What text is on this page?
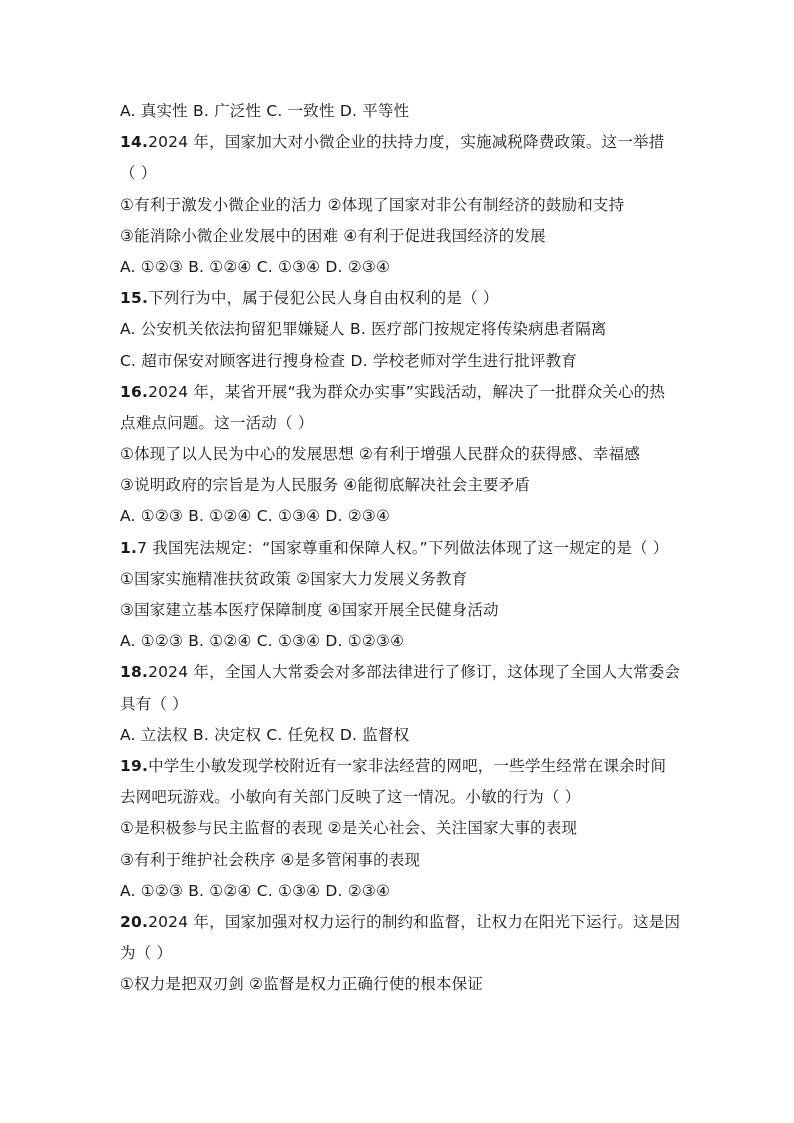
A. 真实性 B. 广泛性 C. 一致性 D. 平等性
14.2024 年，国家加大对小微企业的扶持力度，实施减税降费政策。这一举措
（ ）
①有利于激发小微企业的活力 ②体现了国家对非公有制经济的鼓励和支持
③能消除小微企业发展中的困难 ④有利于促进我国经济的发展
A. ①②③ B. ①②④ C. ①③④ D. ②③④
15.下列行为中，属于侵犯公民人身自由权利的是（ ）
A. 公安机关依法拘留犯罪嫌疑人 B. 医疗部门按规定将传染病患者隔离
C. 超市保安对顾客进行搜身检查 D. 学校老师对学生进行批评教育
16.2024 年，某省开展“我为群众办实事”实践活动，解决了一批群众关心的热
点难点问题。这一活动（ ）
①体现了以人民为中心的发展思想 ②有利于增强人民群众的获得感、幸福感
③说明政府的宗旨是为人民服务 ④能彻底解决社会主要矛盾
A. ①②③ B. ①②④ C. ①③④ D. ②③④
1.7 我国宪法规定：“国家尊重和保障人权。”下列做法体现了这一规定的是（ ）
①国家实施精准扶贫政策 ②国家大力发展义务教育
③国家建立基本医疗保障制度 ④国家开展全民健身活动
A. ①②③ B. ①②④ C. ①③④ D. ①②③④
18.2024 年，全国人大常委会对多部法律进行了修订，这体现了全国人大常委会
具有（ ）
A. 立法权 B. 决定权 C. 任免权 D. 监督权
19.中学生小敏发现学校附近有一家非法经营的网吧，一些学生经常在课余时间
去网吧玩游戏。小敏向有关部门反映了这一情况。小敏的行为（ ）
①是积极参与民主监督的表现 ②是关心社会、关注国家大事的表现
③有利于维护社会秩序 ④是多管闲事的表现
A. ①②③ B. ①②④ C. ①③④ D. ②③④
20.2024 年，国家加强对权力运行的制约和监督，让权力在阳光下运行。这是因
为（ ）
①权力是把双刃剑 ②监督是权力正确行使的根本保证
